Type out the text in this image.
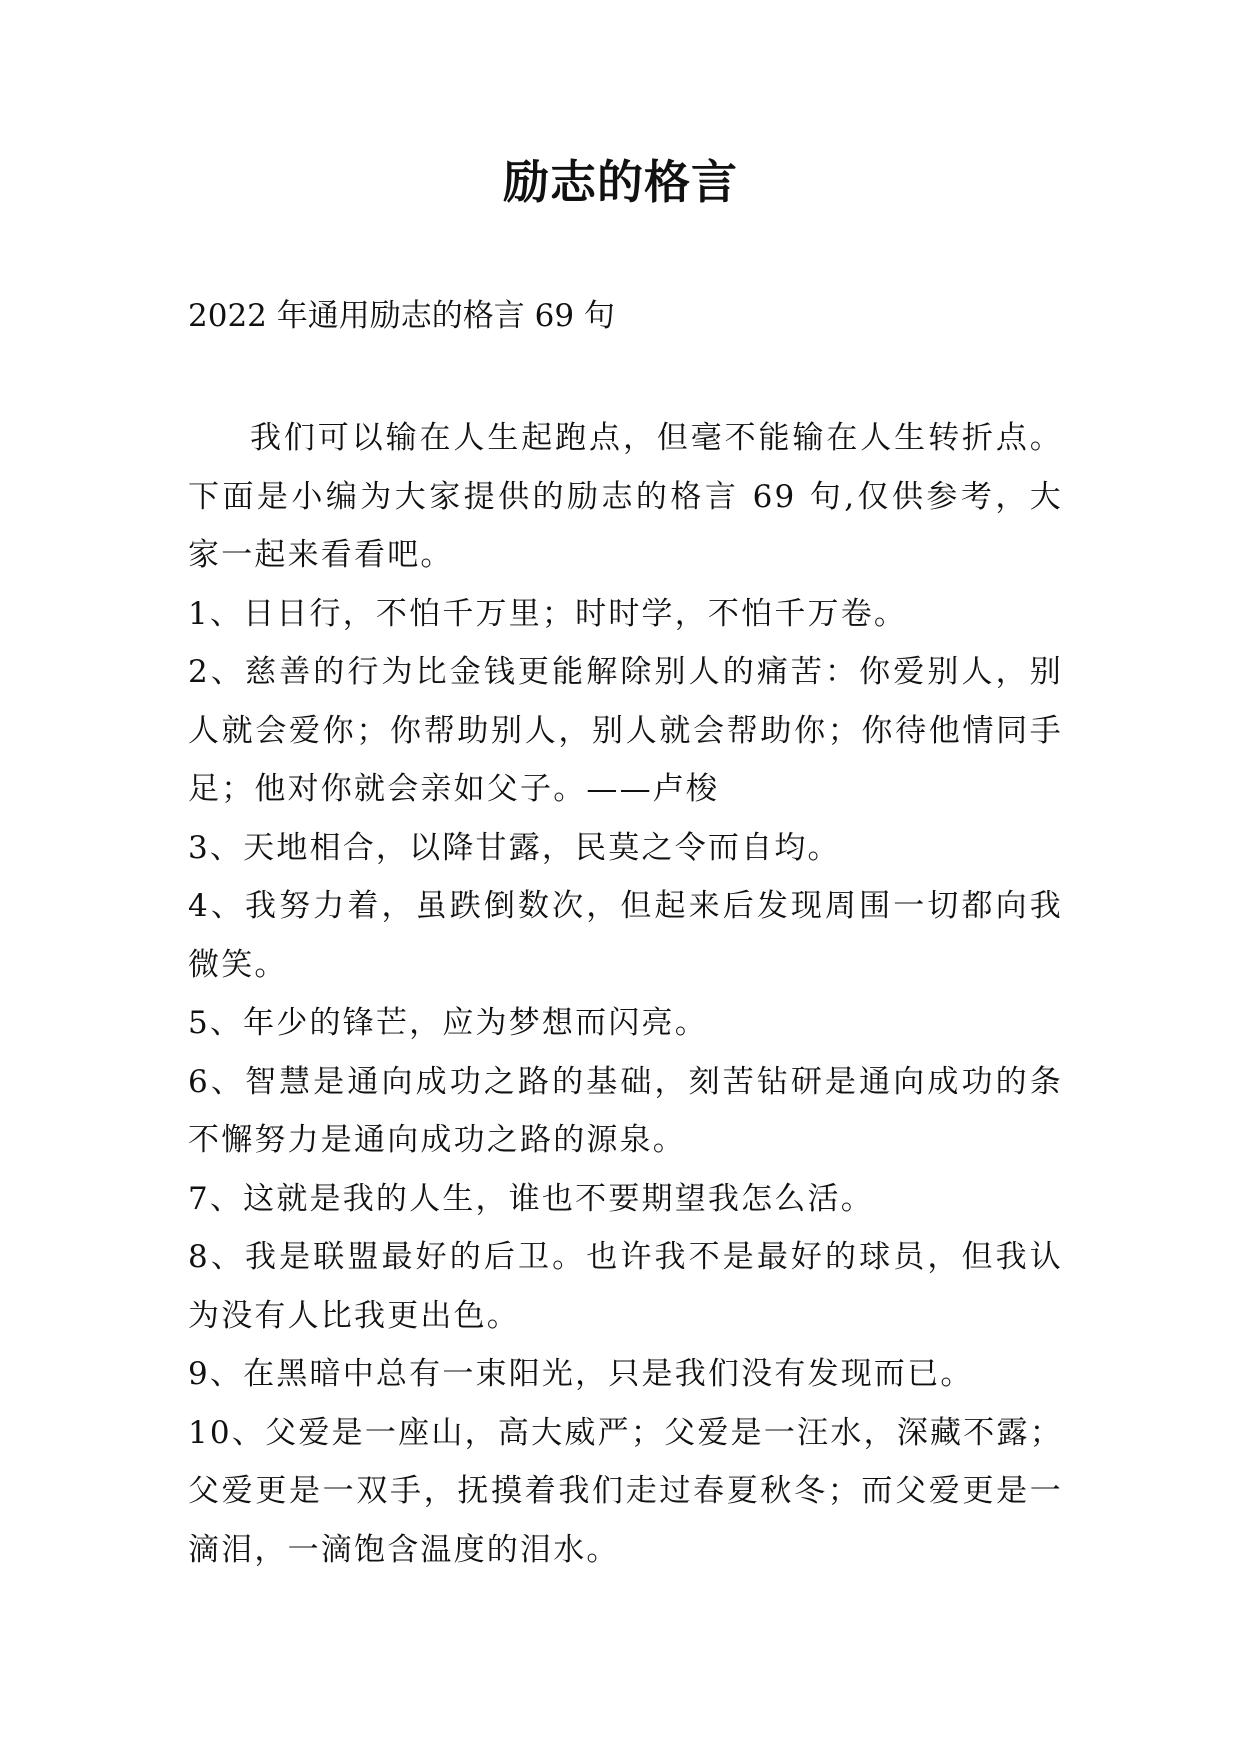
励志的格言
2022 年通用励志的格言 69 句

我们可以输在人生起跑点，但毫不能输在人生转折点。下面是小编为大家提供的励志的格言 69 句,仅供参考，大家一起来看看吧。

1、日日行，不怕千万里；时时学，不怕千万卷。

2、慈善的行为比金钱更能解除别人的痛苦：你爱别人，别人就会爱你；你帮助别人，别人就会帮助你；你待他情同手足；他对你就会亲如父子。——卢梭

3、天地相合，以降甘露，民莫之令而自均。

4、我努力着，虽跌倒数次，但起来后发现周围一切都向我微笑。

5、年少的锋芒，应为梦想而闪亮。

6、智慧是通向成功之路的基础，刻苦钻研是通向成功的条不懈努力是通向成功之路的源泉。

7、这就是我的人生，谁也不要期望我怎么活。

8、我是联盟最好的后卫。也许我不是最好的球员，但我认为没有人比我更出色。

9、在黑暗中总有一束阳光，只是我们没有发现而已。

10、父爱是一座山，高大威严；父爱是一汪水，深藏不露；父爱更是一双手，抚摸着我们走过春夏秋冬；而父爱更是一滴泪，一滴饱含温度的泪水。
